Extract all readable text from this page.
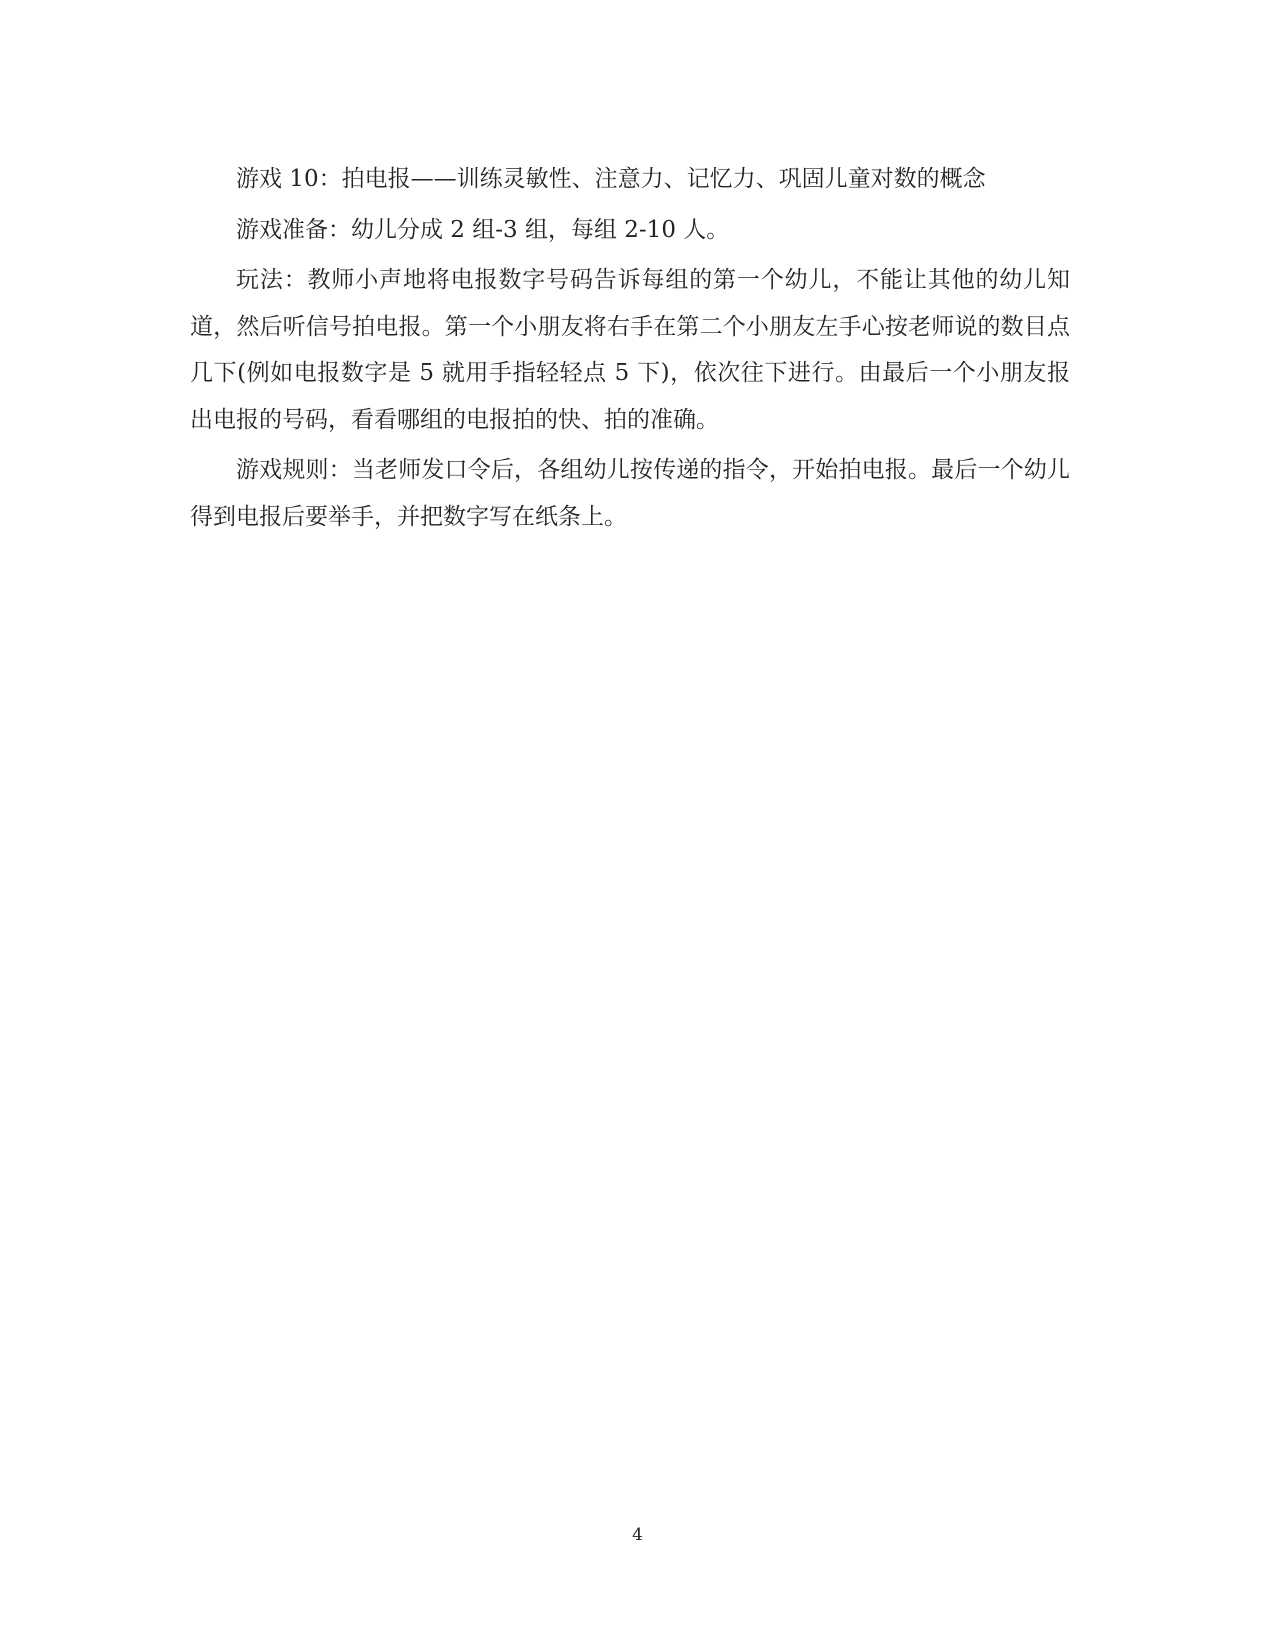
游戏 10：拍电报——训练灵敏性、注意力、记忆力、巩固儿童对数的概念

游戏准备：幼儿分成 2 组-3 组，每组 2-10 人。

玩法：教师小声地将电报数字号码告诉每组的第一个幼儿，不能让其他的幼儿知道，然后听信号拍电报。第一个小朋友将右手在第二个小朋友左手心按老师说的数目点几下(例如电报数字是 5 就用手指轻轻点 5 下)，依次往下进行。由最后一个小朋友报出电报的号码，看看哪组的电报拍的快、拍的准确。

游戏规则：当老师发口令后，各组幼儿按传递的指令，开始拍电报。最后一个幼儿得到电报后要举手，并把数字写在纸条上。

4
